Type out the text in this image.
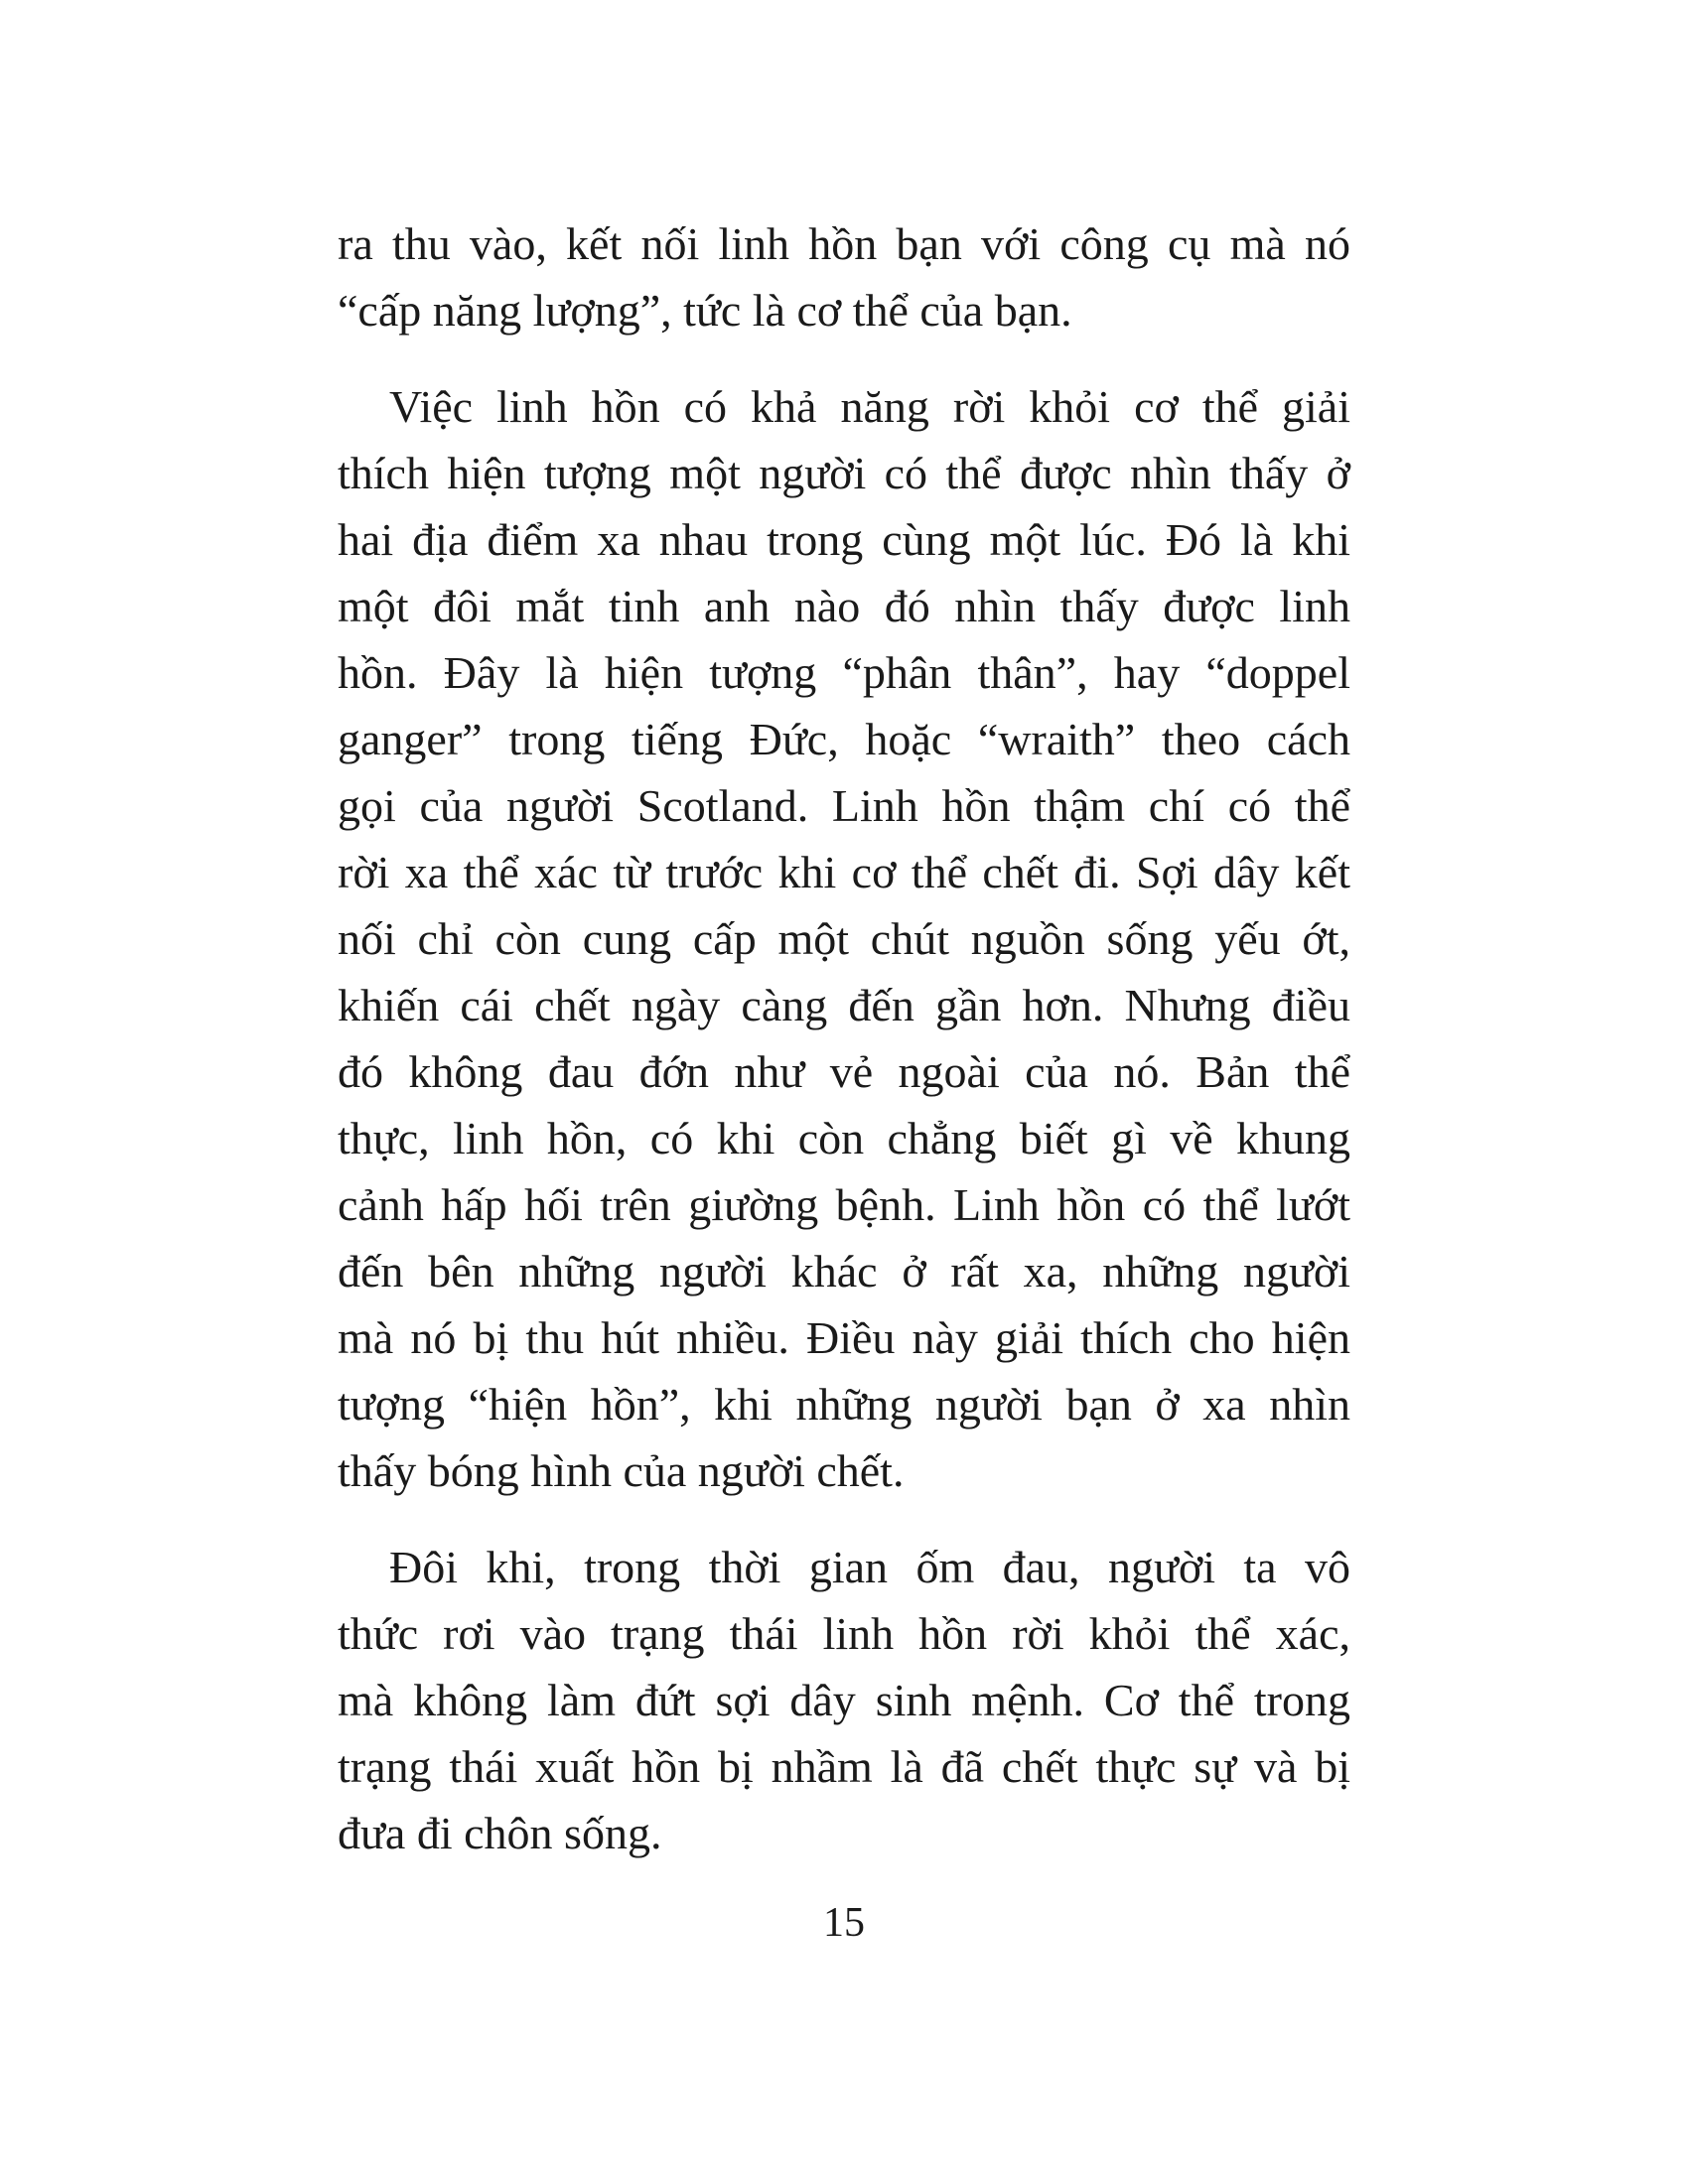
ra thu vào, kết nối linh hồn bạn với công cụ mà nó
“cấp năng lượng”, tức là cơ thể của bạn.
Việc linh hồn có khả năng rời khỏi cơ thể giải
thích hiện tượng một người có thể được nhìn thấy ở
hai địa điểm xa nhau trong cùng một lúc. Đó là khi
một đôi mắt tinh anh nào đó nhìn thấy được linh
hồn. Đây là hiện tượng “phân thân”, hay “doppel
ganger” trong tiếng Đức, hoặc “wraith” theo cách
gọi của người Scotland. Linh hồn thậm chí có thể
rời xa thể xác từ trước khi cơ thể chết đi. Sợi dây kết
nối chỉ còn cung cấp một chút nguồn sống yếu ớt,
khiến cái chết ngày càng đến gần hơn. Nhưng điều
đó không đau đớn như vẻ ngoài của nó. Bản thể
thực, linh hồn, có khi còn chẳng biết gì về khung
cảnh hấp hối trên giường bệnh. Linh hồn có thể lướt
đến bên những người khác ở rất xa, những người
mà nó bị thu hút nhiều. Điều này giải thích cho hiện
tượng “hiện hồn”, khi những người bạn ở xa nhìn
thấy bóng hình của người chết.
Đôi khi, trong thời gian ốm đau, người ta vô
thức rơi vào trạng thái linh hồn rời khỏi thể xác,
mà không làm đứt sợi dây sinh mệnh. Cơ thể trong
trạng thái xuất hồn bị nhầm là đã chết thực sự và bị
đưa đi chôn sống.
15
